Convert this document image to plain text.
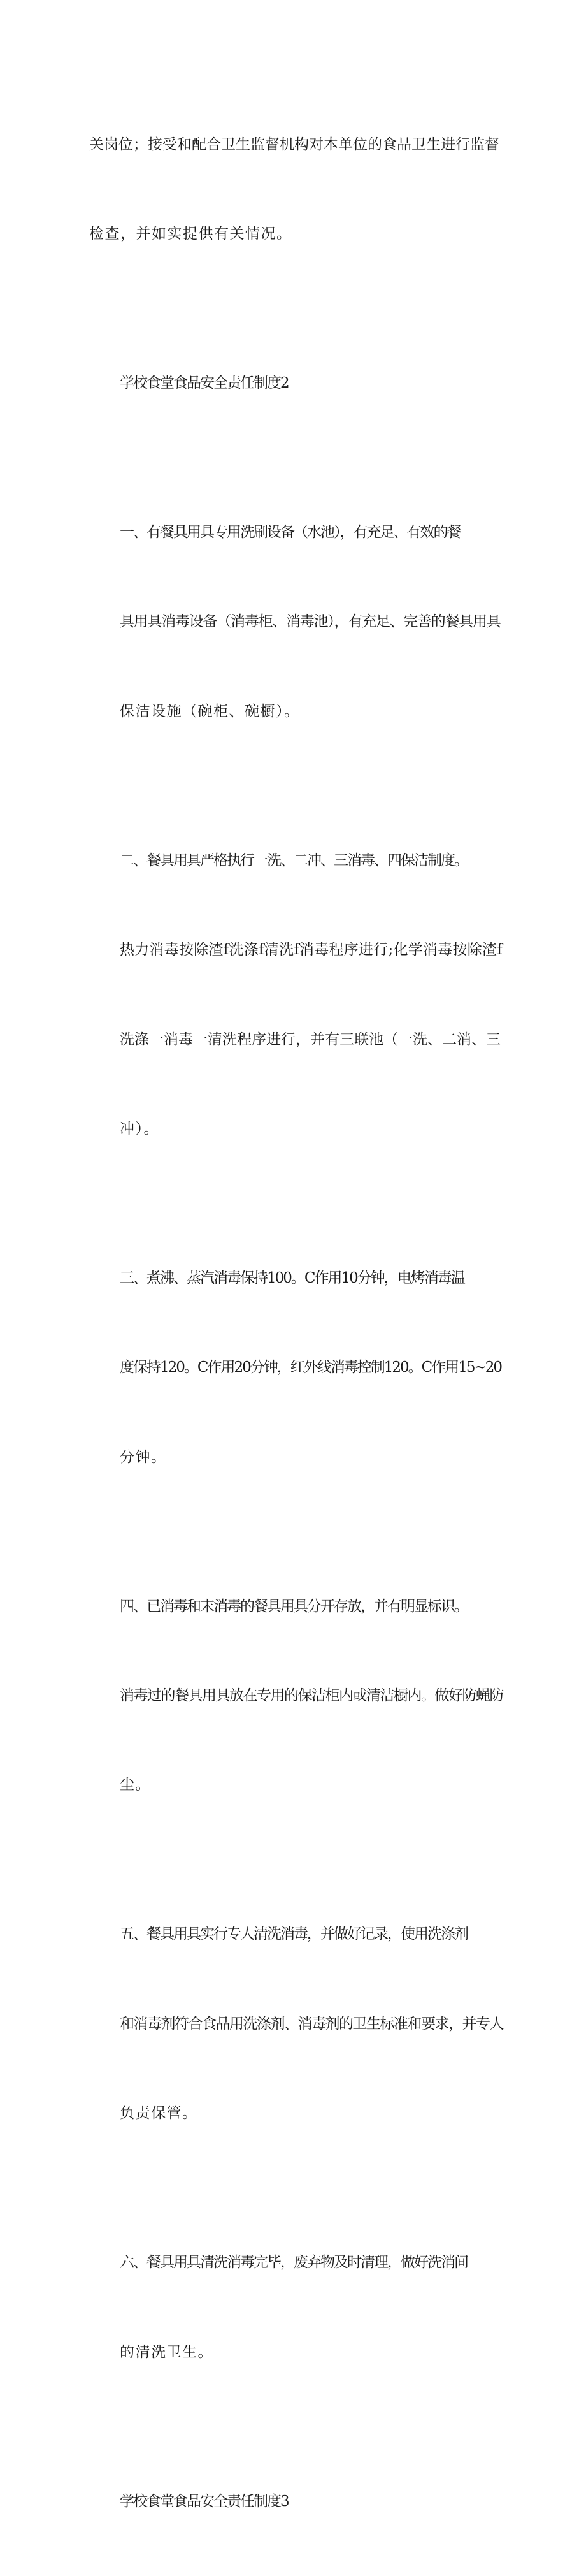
关岗位；接受和配合卫生监督机构对本单位的食品卫生进行监督

检查，并如实提供有关情况。

学校食堂食品安全责任制度2

一、有餐具用具专用洗刷设备（水池），有充足、有效的餐

具用具消毒设备（消毒柜、消毒池），有充足、完善的餐具用具

保洁设施（碗柜、碗橱）。

二、餐具用具严格执行一洗、二冲、三消毒、四保洁制度。

热力消毒按除渣f洗涤f清洗f消毒程序进行;化学消毒按除渣f

洗涤一消毒一清洗程序进行，并有三联池（一洗、二消、三

冲）。

三、煮沸、蒸汽消毒保持100。C作用10分钟，电烤消毒温

度保持120。C作用20分钟，红外线消毒控制120。C作用15~20

分钟。

四、已消毒和末消毒的餐具用具分开存放，并有明显标识。

消毒过的餐具用具放在专用的保洁柜内或清洁橱内。做好防蝇防

尘。

五、餐具用具实行专人清洗消毒，并做好记录，使用洗涤剂

和消毒剂符合食品用洗涤剂、消毒剂的卫生标准和要求，并专人

负责保管。

六、餐具用具清洗消毒完毕，废弃物及时清理，做好洗消间

的清洗卫生。

学校食堂食品安全责任制度3
